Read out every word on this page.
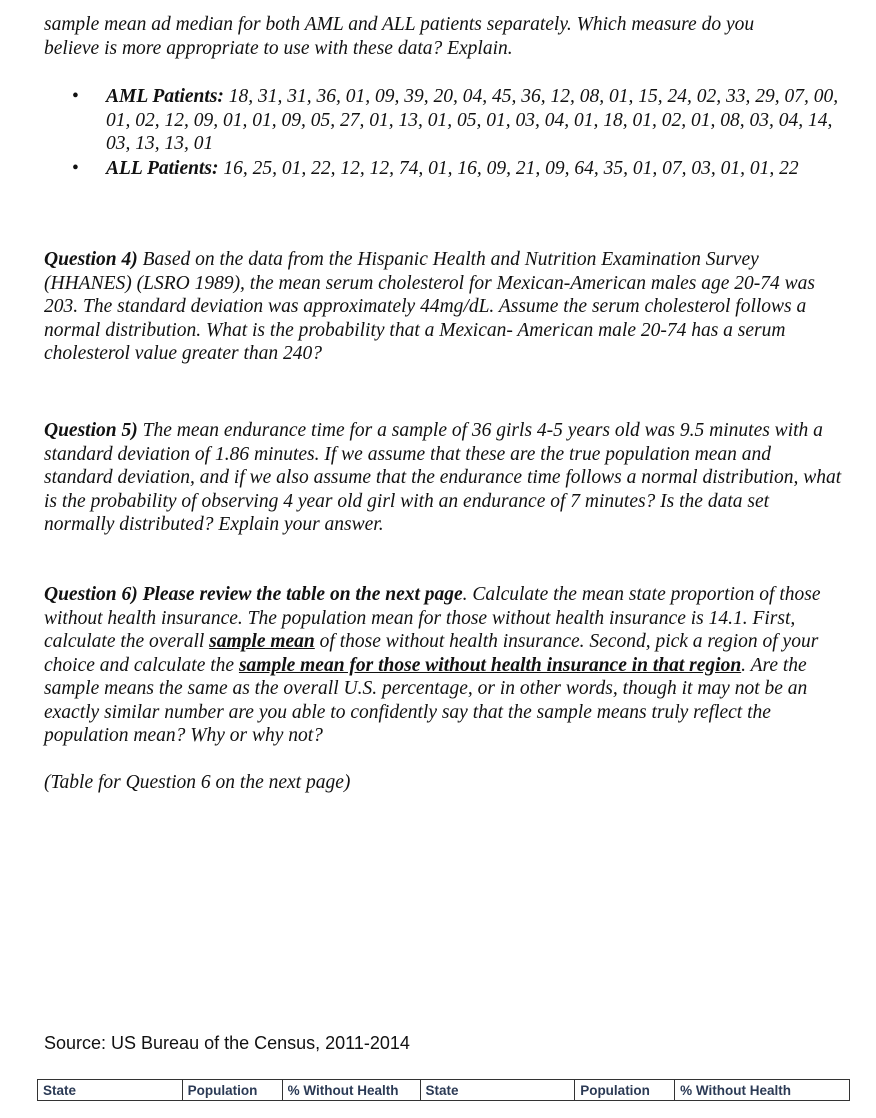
sample mean ad median for both AML and ALL patients separately. Which measure do you

believe is more appropriate to use with these data? Explain.

• AML Patients: 18, 31, 31, 36, 01, 09, 39, 20, 04, 45, 36, 12, 08, 01, 15, 24, 02, 33, 29, 07, 00, 01, 02, 12, 09, 01, 01, 09, 05, 27, 01, 13, 01, 05, 01, 03, 04, 01, 18, 01, 02, 01, 08, 03, 04, 14, 03, 13, 13, 01
• ALL Patients: 16, 25, 01, 22, 12, 12, 74, 01, 16, 09, 21, 09, 64, 35, 01, 07, 03, 01, 01, 22

Question 4) Based on the data from the Hispanic Health and Nutrition Examination Survey (HHANES) (LSRO 1989), the mean serum cholesterol for Mexican-American males age 20-74 was 203. The standard deviation was approximately 44mg/dL. Assume the serum cholesterol follows a normal distribution. What is the probability that a Mexican- American male 20-74 has a serum cholesterol value greater than 240?

Question 5) The mean endurance time for a sample of 36 girls 4-5 years old was 9.5 minutes with a standard deviation of 1.86 minutes. If we assume that these are the true population mean and standard deviation, and if we also assume that the endurance time follows a normal distribution, what is the probability of observing 4 year old girl with an endurance of 7 minutes? Is the data set normally distributed? Explain your answer.

Question 6) Please review the table on the next page. Calculate the mean state proportion of those without health insurance. The population mean for those without health insurance is 14.1. First, calculate the overall sample mean of those without health insurance. Second, pick a region of your choice and calculate the sample mean for those without health insurance in that region. Are the sample means the same as the overall U.S. percentage, or in other words, though it may not be an exactly similar number are you able to confidently say that the sample means truly reflect the population mean? Why or why not?

(Table for Question 6 on the next page)

Source: US Bureau of the Census, 2011-2014

State	Population	% Without Health	State	Population	% Without Health
